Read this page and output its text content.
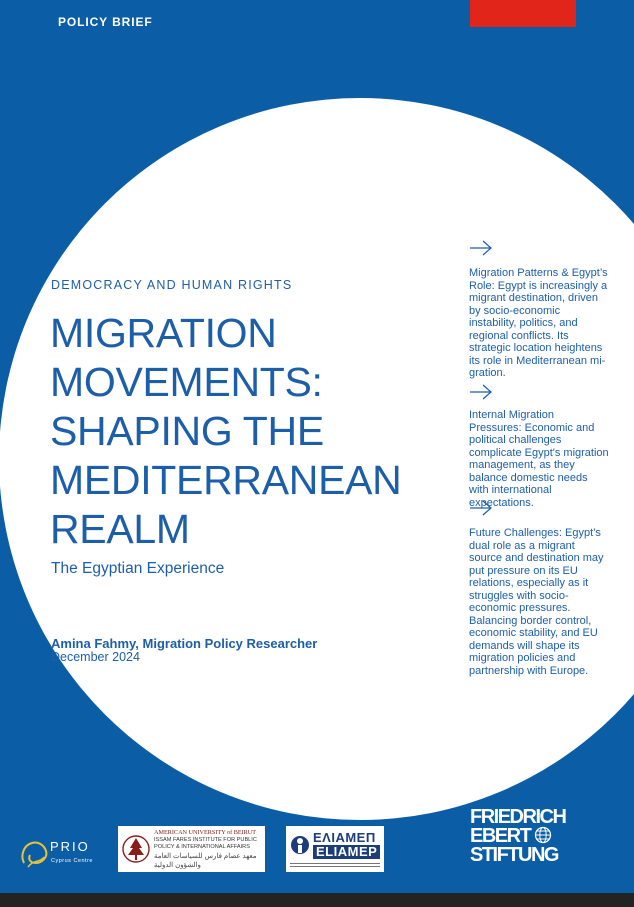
POLICY BRIEF
DEMOCRACY AND HUMAN RIGHTS
MIGRATION
MOVEMENTS:
SHAPING THE
MEDITERRANEAN
REALM
The Egyptian Experience
Amina Fahmy, Migration Policy Researcher
December 2024
Migration Patterns & Egypt’s Role: Egypt is increasingly a migrant destination, driven by socio-economic instability, politics, and regional conflicts. Its strategic location heightens its role in Mediterranean mi-gration.
Internal Migration Pressures: Economic and political challenges complicate Egypt's migration management, as they balance domestic needs with international expectations.
Future Challenges: Egypt’s dual role as a migrant source and destination may put pressure on its EU relations, especially as it struggles with socio-economic pressures. Balancing border control, economic stability, and EU demands will shape its migration policies and partnership with Europe.
PRIO
Cyprus Centre
AMERICAN UNIVERSITY of BEIRUT
ISSAM FARES INSTITUTE FOR PUBLIC
POLICY & INTERNATIONAL AFFAIRS
معهد عصام فارس للسياسات العامة
والشؤون الدولية
ΕΛΙΑΜΕΠ
ELIAMEP
FRIEDRICH
EBERT
STIFTUNG
